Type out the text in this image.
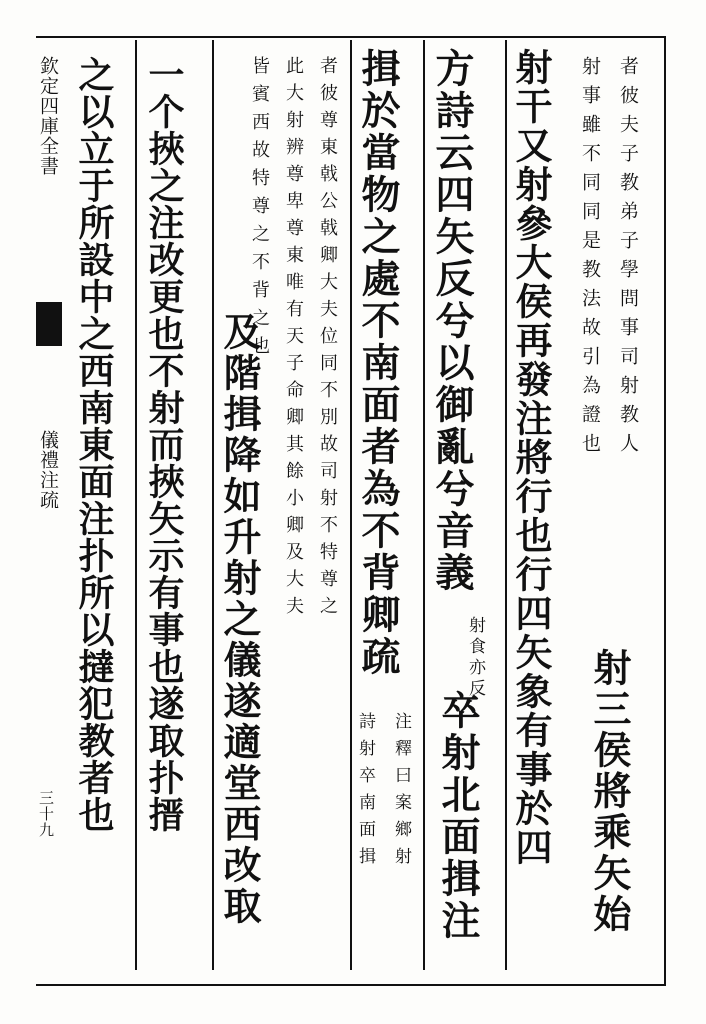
欽定四庫全書
儀禮注疏
三十九
者彼夫子教弟子學問事司射教人
射事雖不同同是教法故引為證也
射三侯將乘矢始
射干又射參大侯再發注將行也行四矢象有事於四
方詩云四矢反兮以御亂兮音義
射食亦反
卒射北面揖注
揖於當物之處不南面者為不背卿疏
注釋曰案鄉射
詩射卒南面揖
者彼尊東戟公戟卿大夫位同不別故司射不特尊之
此大射辨尊卑尊東唯有天子命卿其餘小卿及大夫
皆賓西故特尊之不背之也
及階揖降如升射之儀遂適堂西改取
一个挾之注改更也不射而挾矢示有事也遂取扑搢
之以立于所設中之西南東面注扑所以撻犯教者也
